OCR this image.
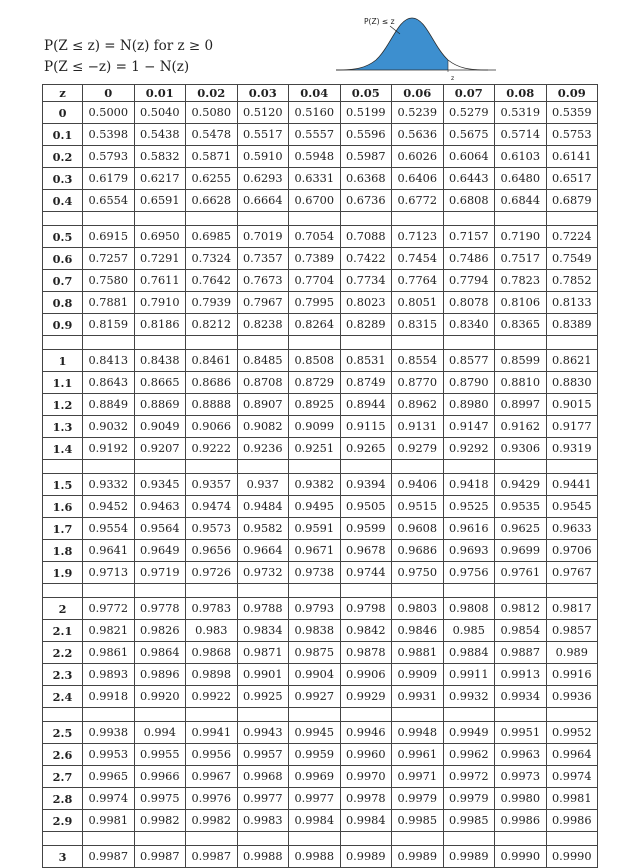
P(Z ≤ z) = N(z) for z ≥ 0
P(Z ≤ −z) = 1 − N(z)
P(Z) ≤ z
z
z	0	0.01	0.02	0.03	0.04	0.05	0.06	0.07	0.08	0.09
0	0.5000	0.5040	0.5080	0.5120	0.5160	0.5199	0.5239	0.5279	0.5319	0.5359
0.1	0.5398	0.5438	0.5478	0.5517	0.5557	0.5596	0.5636	0.5675	0.5714	0.5753
0.2	0.5793	0.5832	0.5871	0.5910	0.5948	0.5987	0.6026	0.6064	0.6103	0.6141
0.3	0.6179	0.6217	0.6255	0.6293	0.6331	0.6368	0.6406	0.6443	0.6480	0.6517
0.4	0.6554	0.6591	0.6628	0.6664	0.6700	0.6736	0.6772	0.6808	0.6844	0.6879

0.5	0.6915	0.6950	0.6985	0.7019	0.7054	0.7088	0.7123	0.7157	0.7190	0.7224
0.6	0.7257	0.7291	0.7324	0.7357	0.7389	0.7422	0.7454	0.7486	0.7517	0.7549
0.7	0.7580	0.7611	0.7642	0.7673	0.7704	0.7734	0.7764	0.7794	0.7823	0.7852
0.8	0.7881	0.7910	0.7939	0.7967	0.7995	0.8023	0.8051	0.8078	0.8106	0.8133
0.9	0.8159	0.8186	0.8212	0.8238	0.8264	0.8289	0.8315	0.8340	0.8365	0.8389

1	0.8413	0.8438	0.8461	0.8485	0.8508	0.8531	0.8554	0.8577	0.8599	0.8621
1.1	0.8643	0.8665	0.8686	0.8708	0.8729	0.8749	0.8770	0.8790	0.8810	0.8830
1.2	0.8849	0.8869	0.8888	0.8907	0.8925	0.8944	0.8962	0.8980	0.8997	0.9015
1.3	0.9032	0.9049	0.9066	0.9082	0.9099	0.9115	0.9131	0.9147	0.9162	0.9177
1.4	0.9192	0.9207	0.9222	0.9236	0.9251	0.9265	0.9279	0.9292	0.9306	0.9319

1.5	0.9332	0.9345	0.9357	0.937	0.9382	0.9394	0.9406	0.9418	0.9429	0.9441
1.6	0.9452	0.9463	0.9474	0.9484	0.9495	0.9505	0.9515	0.9525	0.9535	0.9545
1.7	0.9554	0.9564	0.9573	0.9582	0.9591	0.9599	0.9608	0.9616	0.9625	0.9633
1.8	0.9641	0.9649	0.9656	0.9664	0.9671	0.9678	0.9686	0.9693	0.9699	0.9706
1.9	0.9713	0.9719	0.9726	0.9732	0.9738	0.9744	0.9750	0.9756	0.9761	0.9767

2	0.9772	0.9778	0.9783	0.9788	0.9793	0.9798	0.9803	0.9808	0.9812	0.9817
2.1	0.9821	0.9826	0.983	0.9834	0.9838	0.9842	0.9846	0.985	0.9854	0.9857
2.2	0.9861	0.9864	0.9868	0.9871	0.9875	0.9878	0.9881	0.9884	0.9887	0.989
2.3	0.9893	0.9896	0.9898	0.9901	0.9904	0.9906	0.9909	0.9911	0.9913	0.9916
2.4	0.9918	0.9920	0.9922	0.9925	0.9927	0.9929	0.9931	0.9932	0.9934	0.9936

2.5	0.9938	0.994	0.9941	0.9943	0.9945	0.9946	0.9948	0.9949	0.9951	0.9952
2.6	0.9953	0.9955	0.9956	0.9957	0.9959	0.9960	0.9961	0.9962	0.9963	0.9964
2.7	0.9965	0.9966	0.9967	0.9968	0.9969	0.9970	0.9971	0.9972	0.9973	0.9974
2.8	0.9974	0.9975	0.9976	0.9977	0.9977	0.9978	0.9979	0.9979	0.9980	0.9981
2.9	0.9981	0.9982	0.9982	0.9983	0.9984	0.9984	0.9985	0.9985	0.9986	0.9986

3	0.9987	0.9987	0.9987	0.9988	0.9988	0.9989	0.9989	0.9989	0.9990	0.9990
